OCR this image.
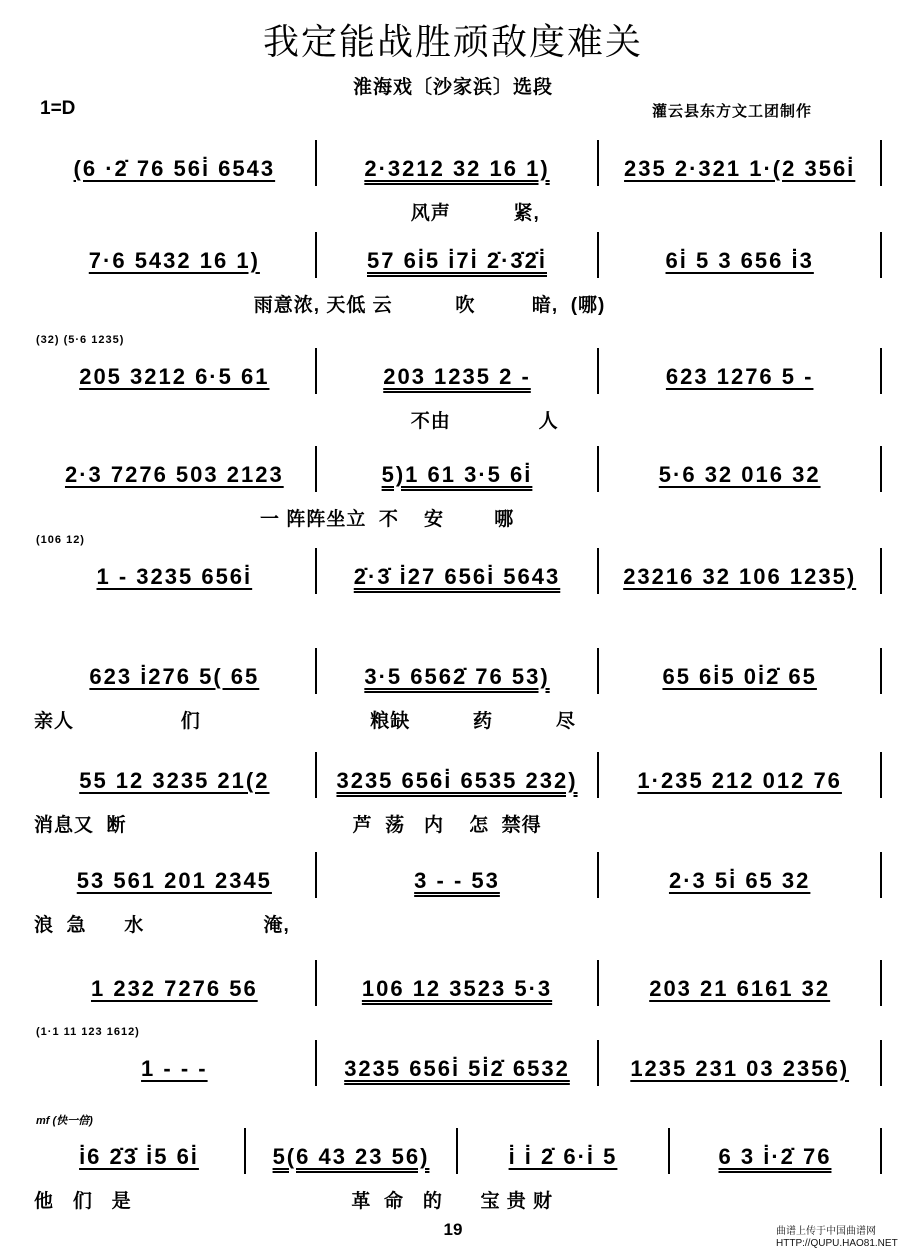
我定能战胜顽敌度难关
淮海戏〔沙家浜〕选段
1=D	灌云县东方文工团制作
(6 ·2̇ 76 56i̇ 6543	2·3212 32 16 1)	235 2·321 1·(2 356i̇
风声          紧,
7·6 5432 16 1)	57 6i̇5 i̇7i̇ 2̇·3̇2̇i̇	6i̇ 5 3 656 i̇3
雨意浓, 天低 云          吹         暗,  (哪)
(32) (5·6 1235)
205 3212 6·5 61	203 1235 2 -	623 1276 5 -
不由              人
2·3 7276 503 2123	5)1 61 3·5 6i̇	5·6 32 016 32
一 阵阵坐立  不    安        哪
(106 12)
1 - 3235 656i̇	2̇·3̇ i̇27 656i̇ 5643	23216 32 106 1235)
623 i̇276 5( 65	3·5 6562̇ 76 53)	65 6i̇5 0i̇2̇ 65
亲人                 们                           粮缺          药          尽
55 12 3235 21(2	3235 656i̇ 6535 232)	1·235 212 012 76
消息又  断                                    芦  荡   内    怎  禁得
53 561 201 2345	3 - - 53	2·3 5i̇ 65 32
浪  急      水                   淹,
1 232 7276 56	106 12 3523 5·3	203 21 6161 32
(1·1 11 123 1612)
1 - - -	3235 656i̇ 5i̇2̇ 6532	1235 231 03 2356)
mf (快一倍)
i̇6 2̇3̇ i̇5 6i̇	5(6 43 23 56)	i̇ i̇ 2̇ 6·i̇ 5	6 3 i̇·2̇ 76
他   们   是                                   革  命   的      宝 贵 财
19	曲谱上传于中国曲谱网
HTTP://QUPU.HAO81.NET
